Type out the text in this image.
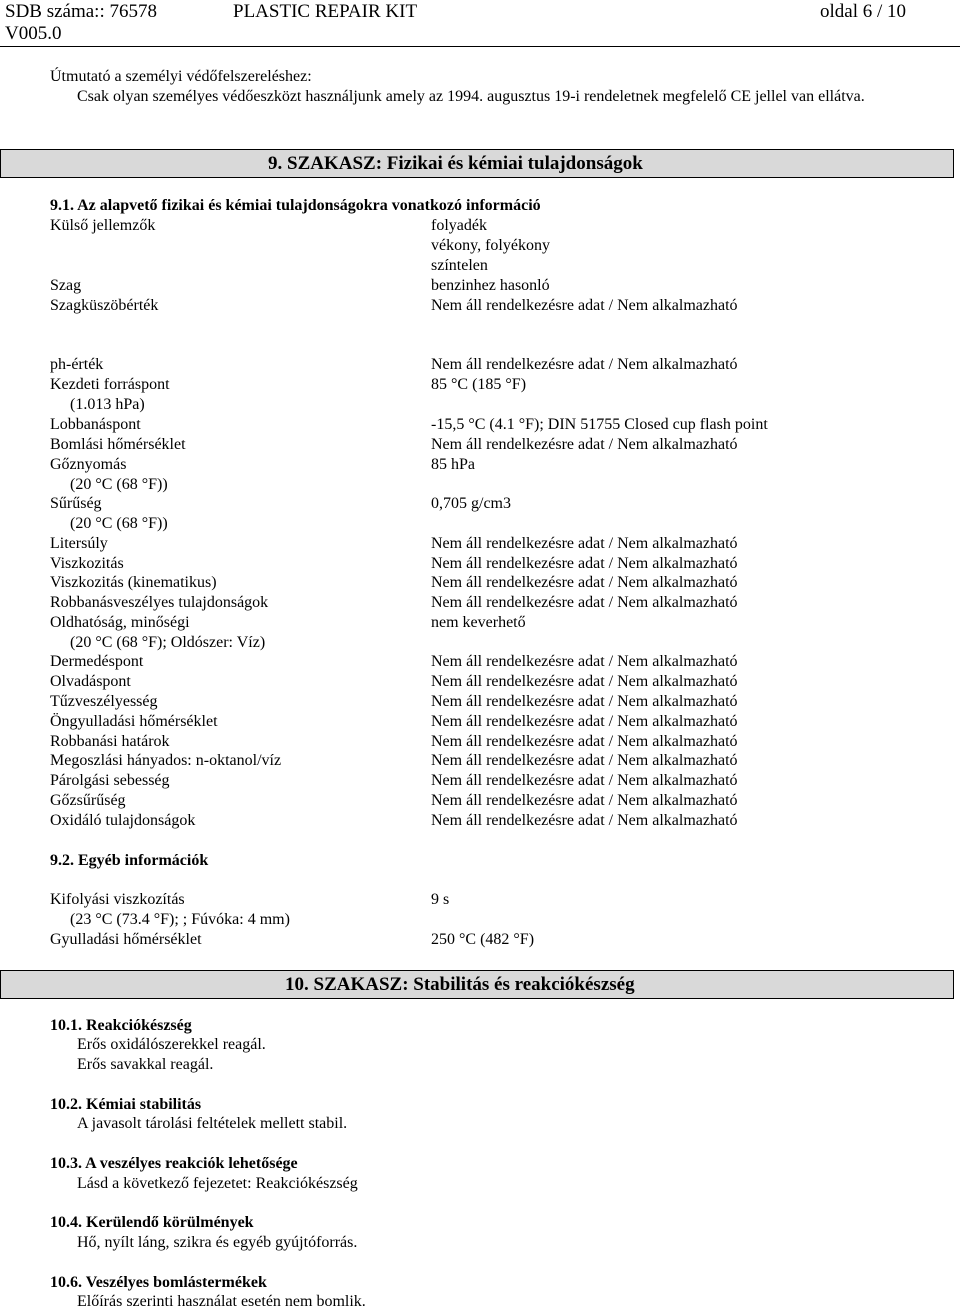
SDB száma:: 76578
V005.0
PLASTIC REPAIR KIT	oldal 6 / 10
Útmutató a személyi védőfelszereléshez:
Csak olyan személyes védőeszközt használjunk amely az 1994. augusztus 19-i rendeletnek megfelelő CE jellel van ellátva.
9. SZAKASZ: Fizikai és kémiai tulajdonságok
9.1. Az alapvető fizikai és kémiai tulajdonságokra vonatkozó információ
Külső jellemzők	folyadék
vékony, folyékony
színtelen
Szag	benzinhez hasonló
Szagküszöbérték	Nem áll rendelkezésre adat / Nem alkalmazható
ph-érték	Nem áll rendelkezésre adat / Nem alkalmazható
Kezdeti forráspont	85 °C (185 °F)
(1.013 hPa)
Lobbanáspont	-15,5 °C (4.1 °F); DIN 51755 Closed cup flash point
Bomlási hőmérséklet	Nem áll rendelkezésre adat / Nem alkalmazható
Gőznyomás	85 hPa
(20 °C (68 °F))
Sűrűség	0,705 g/cm3
(20 °C (68 °F))
Litersúly	Nem áll rendelkezésre adat / Nem alkalmazható
Viszkozitás	Nem áll rendelkezésre adat / Nem alkalmazható
Viszkozitás (kinematikus)	Nem áll rendelkezésre adat / Nem alkalmazható
Robbanásveszélyes tulajdonságok	Nem áll rendelkezésre adat / Nem alkalmazható
Oldhatóság, minőségi	nem keverhető
(20 °C (68 °F); Oldószer: Víz)
Dermedéspont	Nem áll rendelkezésre adat / Nem alkalmazható
Olvadáspont	Nem áll rendelkezésre adat / Nem alkalmazható
Tűzveszélyesség	Nem áll rendelkezésre adat / Nem alkalmazható
Öngyulladási hőmérséklet	Nem áll rendelkezésre adat / Nem alkalmazható
Robbanási határok	Nem áll rendelkezésre adat / Nem alkalmazható
Megoszlási hányados: n-oktanol/víz	Nem áll rendelkezésre adat / Nem alkalmazható
Párolgási sebesség	Nem áll rendelkezésre adat / Nem alkalmazható
Gőzsűrűség	Nem áll rendelkezésre adat / Nem alkalmazható
Oxidáló tulajdonságok	Nem áll rendelkezésre adat / Nem alkalmazható
9.2. Egyéb információk
Kifolyási viszkozítás	9 s
(23 °C (73.4 °F); ; Fúvóka: 4 mm)
Gyulladási hőmérséklet	250 °C (482 °F)
10. SZAKASZ: Stabilitás és reakciókészség
10.1. Reakciókészség
Erős oxidálószerekkel reagál.
Erős savakkal reagál.
10.2. Kémiai stabilitás
A javasolt tárolási feltételek mellett stabil.
10.3. A veszélyes reakciók lehetősége
Lásd a következő fejezetet: Reakciókészség
10.4. Kerülendő körülmények
Hő, nyílt láng, szikra és egyéb gyújtóforrás.
10.6. Veszélyes bomlástermékek
Előírás szerinti használat esetén nem bomlik.
